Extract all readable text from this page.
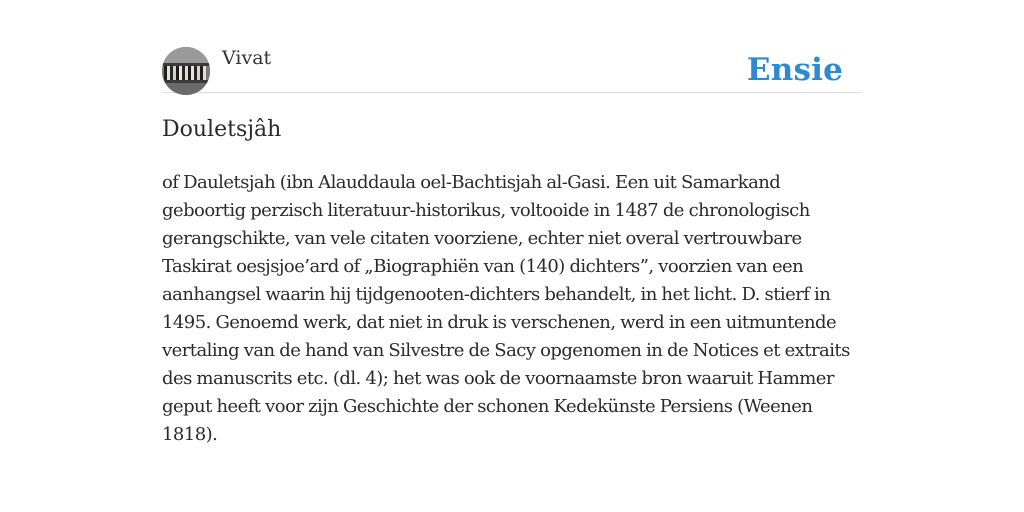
Vivat	Ensie
Douletsjâh

of Dauletsjah (ibn Alauddaula oel-Bachtisjah al-Gasi. Een uit Samarkand geboortig perzisch literatuur-historikus, voltooide in 1487 de chronologisch gerangschikte, van vele citaten voorziene, echter niet overal vertrouwbare Taskirat oesjsjoe’ard of „Biographiën van (140) dichters”, voorzien van een aanhangsel waarin hij tijdgenooten-dichters behandelt, in het licht. D. stierf in 1495. Genoemd werk, dat niet in druk is verschenen, werd in een uitmuntende vertaling van de hand van Silvestre de Sacy opgenomen in de Notices et extraits des manuscrits etc. (dl. 4); het was ook de voornaamste bron waaruit Hammer geput heeft voor zijn Geschichte der schonen Kedekünste Persiens (Weenen 1818).
